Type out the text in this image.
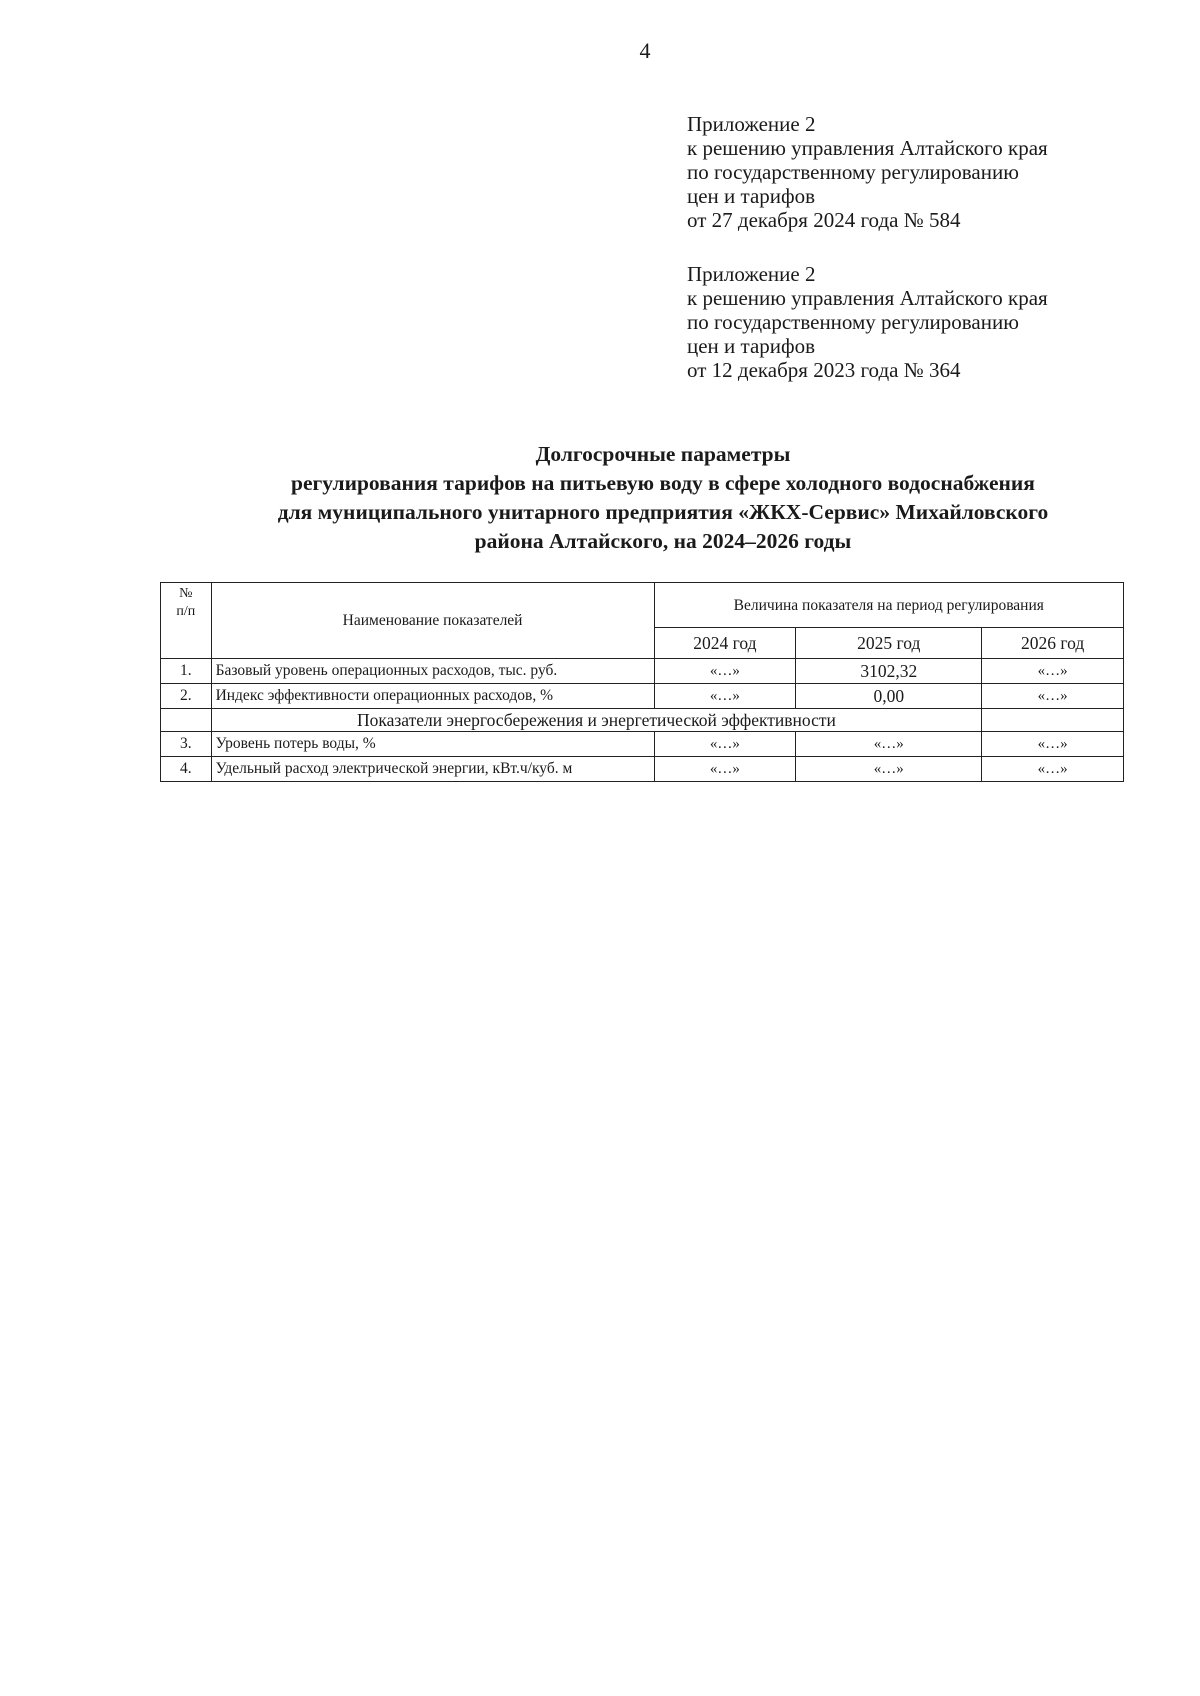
4
Приложение 2
к решению управления Алтайского края
по государственному регулированию
цен и тарифов
от 27 декабря 2024 года № 584
Приложение 2
к решению управления Алтайского края
по государственному регулированию
цен и тарифов
от 12 декабря 2023 года № 364
Долгосрочные параметры
регулирования тарифов на питьевую воду в сфере холодного водоснабжения
для муниципального унитарного предприятия «ЖКХ-Сервис» Михайловского
района Алтайского, на 2024–2026 годы
№
п/п	Наименование показателей	Величина показателя на период регулирования		

		2024 год	2025 год	2026 год
1.	Базовый уровень операционных расходов, тыс. руб.	«…»	3102,32	«…»
2.	Индекс эффективности операционных расходов, %	«…»	0,00	«…»
	Показатели энергосбережения и энергетической эффективности			
3.	Уровень потерь воды, %	«…»	«…»	«…»
4.	Удельный расход электрической энергии, кВт.ч/куб. м	«…»	«…»	«…»
